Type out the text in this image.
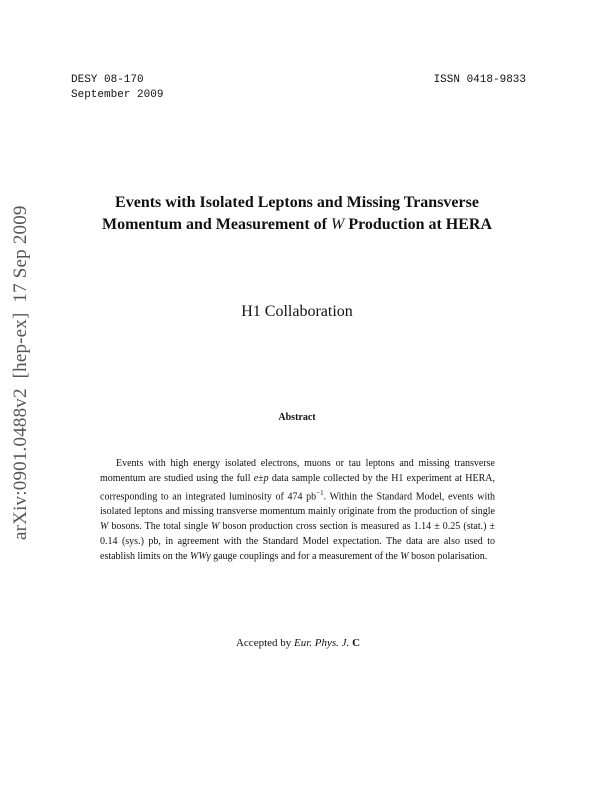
DESY 08-170
September 2009
ISSN 0418-9833
arXiv:0901.0488v2  [hep-ex]  17 Sep 2009
Events with Isolated Leptons and Missing Transverse
Momentum and Measurement of W Production at HERA
H1 Collaboration
Abstract
Events with high energy isolated electrons, muons or tau leptons and missing transverse momentum are studied using the full e±p data sample collected by the H1 experiment at HERA, corresponding to an integrated luminosity of 474 $pb^{-1}$. Within the Standard Model, events with isolated leptons and missing transverse momentum mainly originate from the production of single W bosons. The total single W boson production cross section is measured as 1.14 ± 0.25 (stat.) ± 0.14 (sys.) pb, in agreement with the Standard Model expectation. The data are also used to establish limits on the WWγ gauge couplings and for a measurement of the W boson polarisation.
Accepted by Eur. Phys. J. C
